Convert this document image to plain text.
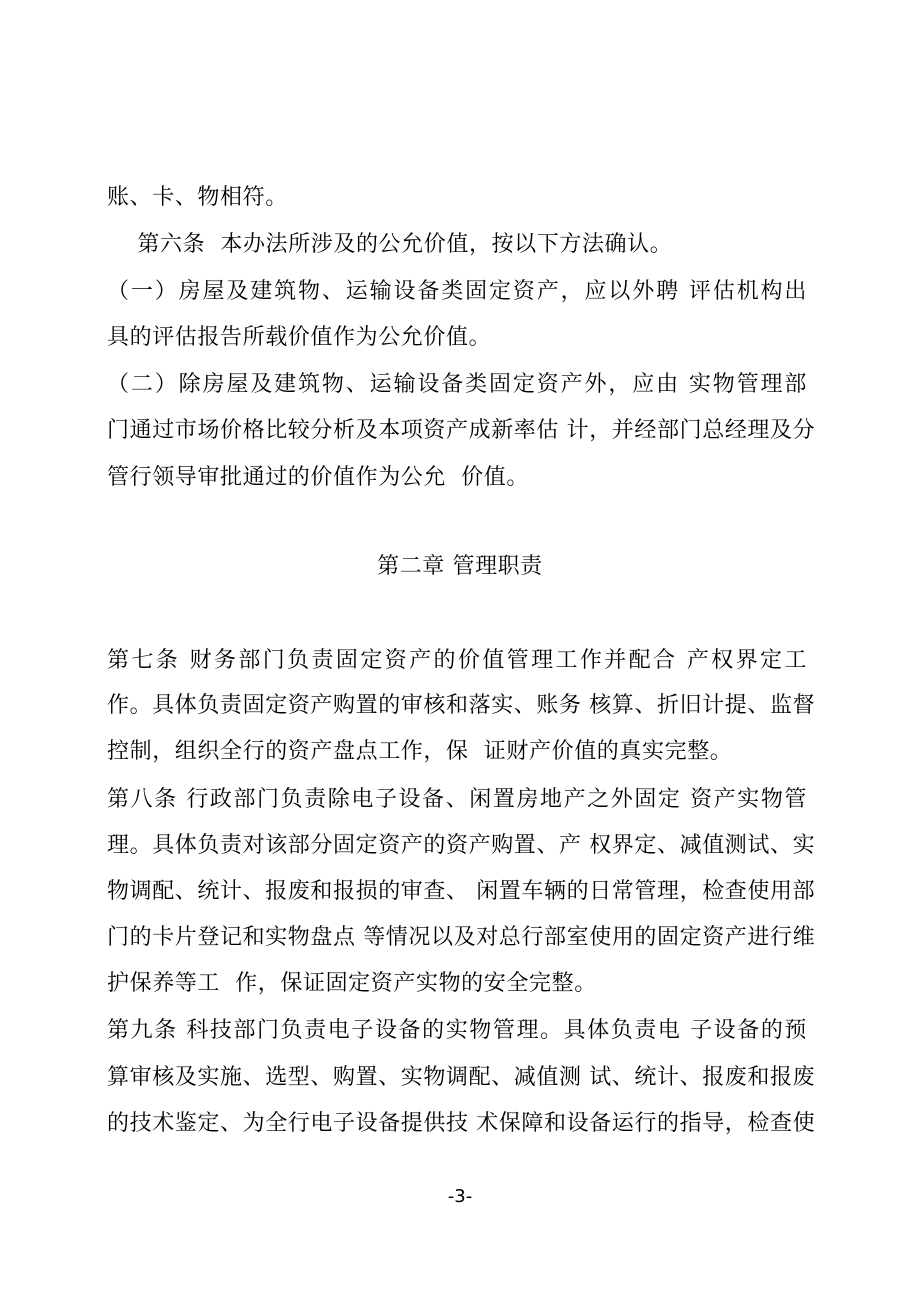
账、卡、物相符。
第六条  本办法所涉及的公允价值，按以下方法确认。
（一）房屋及建筑物、运输设备类固定资产，应以外聘 评估机构出
具的评估报告所载价值作为公允价值。
（二）除房屋及建筑物、运输设备类固定资产外，应由 实物管理部
门通过市场价格比较分析及本项资产成新率估 计，并经部门总经理及分
管行领导审批通过的价值作为公允  价值。
第二章 管理职责
第七条 财务部门负责固定资产的价值管理工作并配合 产权界定工
作。具体负责固定资产购置的审核和落实、账务 核算、折旧计提、监督
控制，组织全行的资产盘点工作，保  证财产价值的真实完整。
第八条 行政部门负责除电子设备、闲置房地产之外固定 资产实物管
理。具体负责对该部分固定资产的资产购置、产 权界定、减值测试、实
物调配、统计、报废和报损的审查、 闲置车辆的日常管理，检查使用部
门的卡片登记和实物盘点 等情况以及对总行部室使用的固定资产进行维
护保养等工  作，保证固定资产实物的安全完整。
第九条 科技部门负责电子设备的实物管理。具体负责电 子设备的预
算审核及实施、选型、购置、实物调配、减值测 试、统计、报废和报废
的技术鉴定、为全行电子设备提供技 术保障和设备运行的指导，检查使
-3-
